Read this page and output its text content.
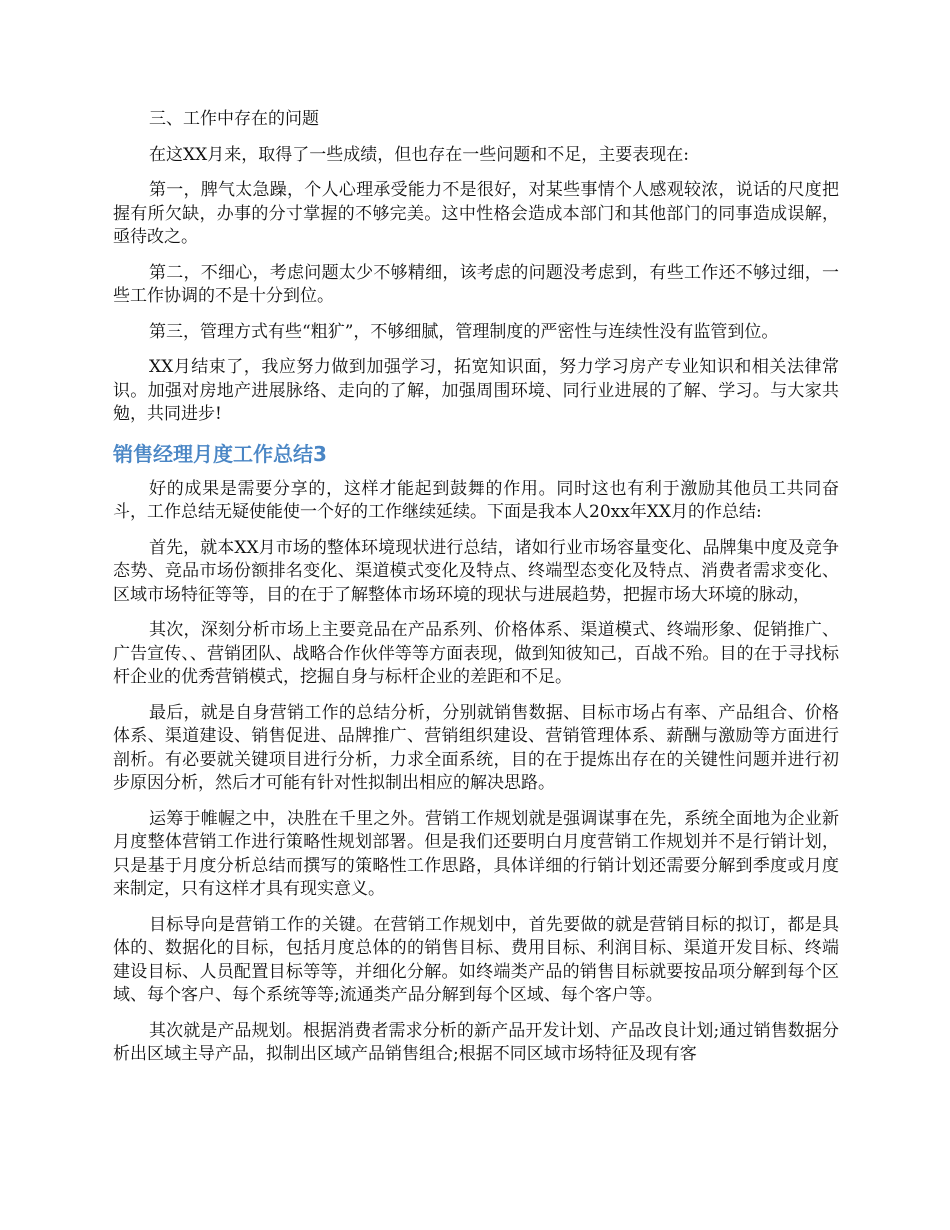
三、工作中存在的问题

在这XX月来，取得了一些成绩，但也存在一些问题和不足，主要表现在:

第一，脾气太急躁，个人心理承受能力不是很好，对某些事情个人感观较浓，说话的尺度把握有所欠缺，办事的分寸掌握的不够完美。这中性格会造成本部门和其他部门的同事造成误解，亟待改之。

第二，不细心，考虑问题太少不够精细，该考虑的问题没考虑到，有些工作还不够过细，一些工作协调的不是十分到位。

第三，管理方式有些“粗犷”，不够细腻，管理制度的严密性与连续性没有监管到位。

XX月结束了，我应努力做到加强学习，拓宽知识面，努力学习房产专业知识和相关法律常识。加强对房地产进展脉络、走向的了解，加强周围环境、同行业进展的了解、学习。与大家共勉，共同进步!

销售经理月度工作总结3

好的成果是需要分享的，这样才能起到鼓舞的作用。同时这也有利于激励其他员工共同奋斗，工作总结无疑使能使一个好的工作继续延续。下面是我本人20xx年XX月的作总结:

首先，就本XX月市场的整体环境现状进行总结，诸如行业市场容量变化、品牌集中度及竞争态势、竞品市场份额排名变化、渠道模式变化及特点、终端型态变化及特点、消费者需求变化、区域市场特征等等，目的在于了解整体市场环境的现状与进展趋势，把握市场大环境的脉动，

其次，深刻分析市场上主要竞品在产品系列、价格体系、渠道模式、终端形象、促销推广、广告宣传、、营销团队、战略合作伙伴等等方面表现，做到知彼知己，百战不殆。目的在于寻找标杆企业的优秀营销模式，挖掘自身与标杆企业的差距和不足。

最后，就是自身营销工作的总结分析，分别就销售数据、目标市场占有率、产品组合、价格体系、渠道建设、销售促进、品牌推广、营销组织建设、营销管理体系、薪酬与激励等方面进行剖析。有必要就关键项目进行分析，力求全面系统，目的在于提炼出存在的关键性问题并进行初步原因分析，然后才可能有针对性拟制出相应的解决思路。

运筹于帷幄之中，决胜在千里之外。营销工作规划就是强调谋事在先，系统全面地为企业新月度整体营销工作进行策略性规划部署。但是我们还要明白月度营销工作规划并不是行销计划，只是基于月度分析总结而撰写的策略性工作思路，具体详细的行销计划还需要分解到季度或月度来制定，只有这样才具有现实意义。

目标导向是营销工作的关键。在营销工作规划中，首先要做的就是营销目标的拟订，都是具体的、数据化的目标，包括月度总体的的销售目标、费用目标、利润目标、渠道开发目标、终端建设目标、人员配置目标等等，并细化分解。如终端类产品的销售目标就要按品项分解到每个区域、每个客户、每个系统等等;流通类产品分解到每个区域、每个客户等。

其次就是产品规划。根据消费者需求分析的新产品开发计划、产品改良计划;通过销售数据分析出区域主导产品，拟制出区域产品销售组合;根据不同区域市场特征及现有客
